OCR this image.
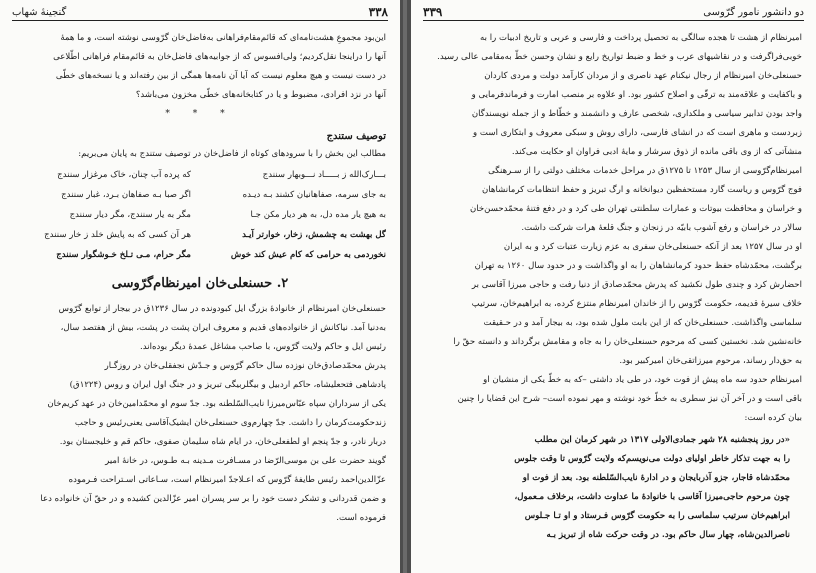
۳۳۸
گنجینهٔ شهاب

این‌بود مجموعِ هشت‌نامه‌ای که قائم‌مقام‌فراهانی به‌فاضل‌خان گرّوسی نوشته است، و ما همهٔ

آنها را درا‌ینجا نقل‌کردیم؛ ولی‌افسوس که از جوابیه‌های فاضل‌خان به قائم‌مقام فراهانی اطّلاعی

در دست نیست و هیچ معلوم نیست که آیا آن نامه‌ها همگی از بین رفته‌اند و یا نسخه‌های خطّی

آنها در نزد افرادی، مضبوط و یا در کتابخانه‌های خطّی مخزون می‌باشد؟

* * *
توصیف ستندج

مطالب این بخش را با سرودهای کوتاه از فاضل‌خان در توصیف ستندج به پایان می‌بریم:

بـــارک‌الله ز بـــــاد نـــوبهار سنندج
که پرده آب چنان، خاک مرغزار سنندج
به جای سرمه، صفاهانیان کشند بـه دیـده
اگر صبا بـه صفاهان بـرد، غبار سنندج
به هیچ یار مده دل، به هر دیار مکن جـا
مگر به یار سنندج، مگر دیار سنندج
گل بهشت به چشمش، زخار، خوارتر آیـد
هر آن کسی که به پایش خلد ز خار سنندج
نخوردمی به حرامی که کام عیش کند خوش
مگر حرام، مـی تـلخ خـوشگوار سنندج
۲. حسنعلی‌خان امیرنظام‌گرّوسی

حسنعلی‌خان امیرنظام از خانوادهٔ بزرگ ایل کبودونده در سال ۱۲۳۶ق در بیجار از توابع گرّوس

به‌دنیا آمد. نیاکانش از خانواده‌های قدیم و معروف ایران پشت در پشت، بیش از هفتصد سال،

رئیس ایل و حاکم ولایت گرّوس، با صاحب مشاغل عمدهٔ دیگر بوده‌اند.

پدرش محمّدصادق‌خان نوزده سال حاکم گرّوس و جـدّش نجفقلی‌خان در روزگـار

پادشاهی فتحعلیشاه، حاکم اردبیل و بیگلربیگی تبریز و در جنگ اول ایران و روس (۱۲۲۴ق)

یکی از سرداران سپاه عبّاس‌میرزا نایب‌السّلطنه بود. جدّ سوم او محمّدامین‌خان در عهد کریم‌خان

زند‌حکومت‌کرمان را داشت. جدّ چهارم‌وی حسنعلی‌خان ایشیک‌آقاسی یعنی‌رئیس و حاجب

دربار نادر، و جدّ پنجم او لطفعلی‌خان، در ایام شاه سلیمان صفوی، حاکم قم و خلیجستان بود.

گویند حضرت علی بن موسی‌الرّضا در مسـافرت مـدینه بـه طـوس، در خانهٔ امیر

عزّالدین‌احمد رئیس طایفهٔ گرّوس که اعـلاجدّ امیرنظام است، سـاعاتی اسـتراحت فـرموده

و ضمن قدردانی و تشکر دست خود را بر سر پسران امیر عزّالدین کشیده و در حقّ آن خانواده دعا

فرموده است.

۳۳۹	دو دانشور نامور گرّوسی

امیرنظام از هشت تا هجده سالگی به تحصیل پرداخت و فارسی و عربی و تاریخ ادبیات را به

خوبی‌فراگرفت و در نقاشیهای عرب و خط و ضبط تواریخ رایع و نشان و‌حسن خطّ به‌مقامی عالی رسید.

حسنعلی‌خان امیرنظام از رجال نیکنام عهد ناصری و از مردان کارآمد دولت و مردی کاردان

و باکفایت و علاقه‌مند به ترقّی و اصلاح کشور بود. او علاوه بر منصب امارت و فرماندفرمایی و

واجد بودن تدابیر سیاسی و ملکداری، شخصی عارف و دانشمند و خطّاط و از جمله نویسندگان

زبردست و ماهری است که در انشای فارسی، دارای روش و سبکی معروف و ابتکاری است و

منشآتی که از وی باقی مانده از ذوق سرشار و مایهٔ ادبی فراوان او حکایت می‌کند.

امیرنظام‌گرّوسی از سال ۱۲۵۳ تا ۱۲۷۵ق در مراحل خدمات مختلف دولتی را از سـرهنگی

فوج گرّوس و ریاست گارد مستحفظین دیوانخانه و ارگ تبریز و حفظ انتظامات کرمانشاهان

و خراسان و محافظت بیوتات و عمارات سلطنتی تهران طی کرد و در دفع فتنهٔ محمّدحسن‌خان

سالار در خراسان و رفع آشوب بابیّه در زنجان و جنگ قلعهٔ هرات شرکت داشت.

او در سال ۱۲۵۷ بعد از آنکه حسنعلی‌خان سفری به عزم زیارت عتبات کرد و به ایران

برگشت، محمّدشاه حفظ حدود کرمانشاهان را به او واگذاشت و در حدود سال ۱۲۶۰ به تهران

احضارش کرد و چندی طول نکشید که پدرش محمّدصادق از دنیا رفت و حاجی میرزا آقاسی بر

خلاف سیرهٔ قدیمه، حکومت گرّوس را از خاندان امیرنظام منتزع کرده، به ابراهیم‌خان، سرتیپ

سلماسی واگذاشت. حسنعلی‌خان که از این بابت ملول شده بود، به بیجار آمد و در حـقیقت

خانه‌نشین شد. نخستین کسی که مرحوم حسنعلی‌خان را به جاه و مقامش برگرداند و دانسته حقّ را

به حق‌دار رساند، مرحوم میرزاتقی‌خان امیرکبیر بود.

امیرنظام حدود سه ماه پیش از فوت خود، در طی یاد داشتی –که به خطّ یکی از منشیان او

باقی است و در آخر آن نیز سطری به خطّ خود نوشته و مهر نموده است– شرح این قضایا را چنین

بیان کرده است:

«در روز پنجشنبه ۲۸ شهر جمادی‌الاولی ۱۳۱۷ در شهر کرمان این مطلب
را به جهت تذکار خاطر اولیای دولت می‌نویسم‌که ولایت گرّوس تا وقت جلوس
محمّدشاه قاجار، جزو آذربایجان و در ادارهٔ نایب‌السّلطنه بود. بعد از فوت او
چون مرحوم حاجی‌میرزا آقاسی با خانوادهٔ ما عداوت داشت، برخلاف مـعمول،
ابراهیم‌خان سرتیب سلماسی را به حکومت گرّوس فـرستاد و او تـا جـلوس
ناصرالدین‌شاه، چهار سال حاکم بود. در وقت حرکت شاه از تبریز بـه
